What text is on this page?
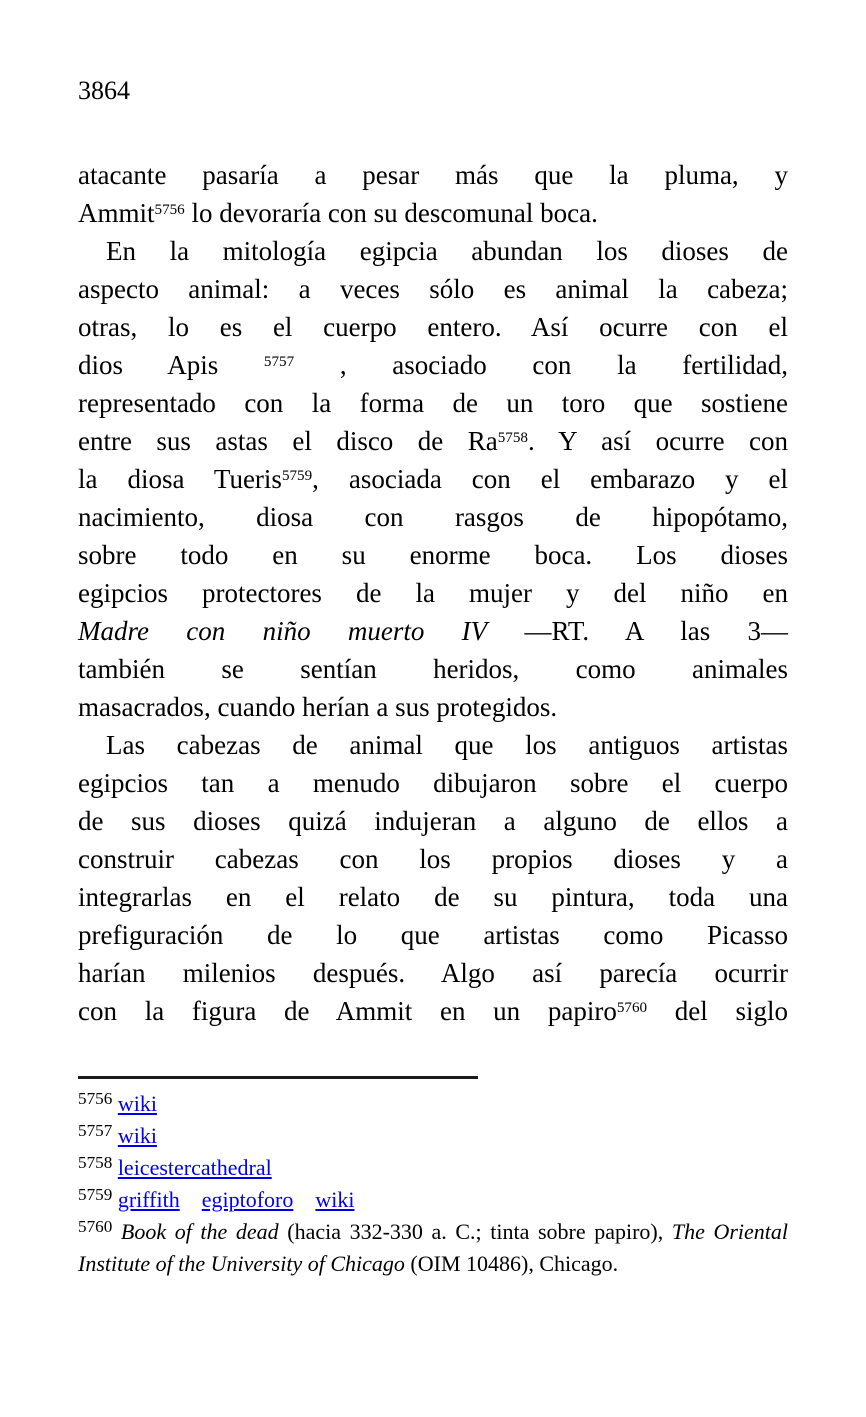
3864
atacante pasaría a pesar más que la pluma, y
Ammit$^{5756}$ lo devoraría con su descomunal boca.
En la mitología egipcia abundan los dioses de
aspecto animal: a veces sólo es animal la cabeza;
otras, lo es el cuerpo entero. Así ocurre con el
dios Apis $^{5757}$ , asociado con la fertilidad,
representado con la forma de un toro que sostiene
entre sus astas el disco de $Ra^{5758}$. Y así ocurre con
la diosa Tueris$^{5759}$, asociada con el embarazo y el
nacimiento, diosa con rasgos de hipopótamo,
sobre todo en su enorme boca. Los dioses
egipcios protectores de la mujer y del niño en
Madre con niño muerto IV —RT. A las 3—
también se sentían heridos, como animales
masacrados, cuando herían a sus protegidos.
Las cabezas de animal que los antiguos artistas
egipcios tan a menudo dibujaron sobre el cuerpo
de sus dioses quizá indujeran a alguno de ellos a
construir cabezas con los propios dioses y a
integrarlas en el relato de su pintura, toda una
prefiguración de lo que artistas como Picasso
harían milenios después. Algo así parecía ocurrir
con la figura de Ammit en un papiro$^{5760}$ del siglo
$^{5756}$ wiki
$^{5757}$ wiki
$^{5758}$ leicestercathedral
$^{5759}$ griffith egiptoforo wiki
$^{5760}$ Book of the dead (hacia 332-330 a. C.; tinta sobre papiro), The Oriental Institute of the University of Chicago (OIM 10486), Chicago.
